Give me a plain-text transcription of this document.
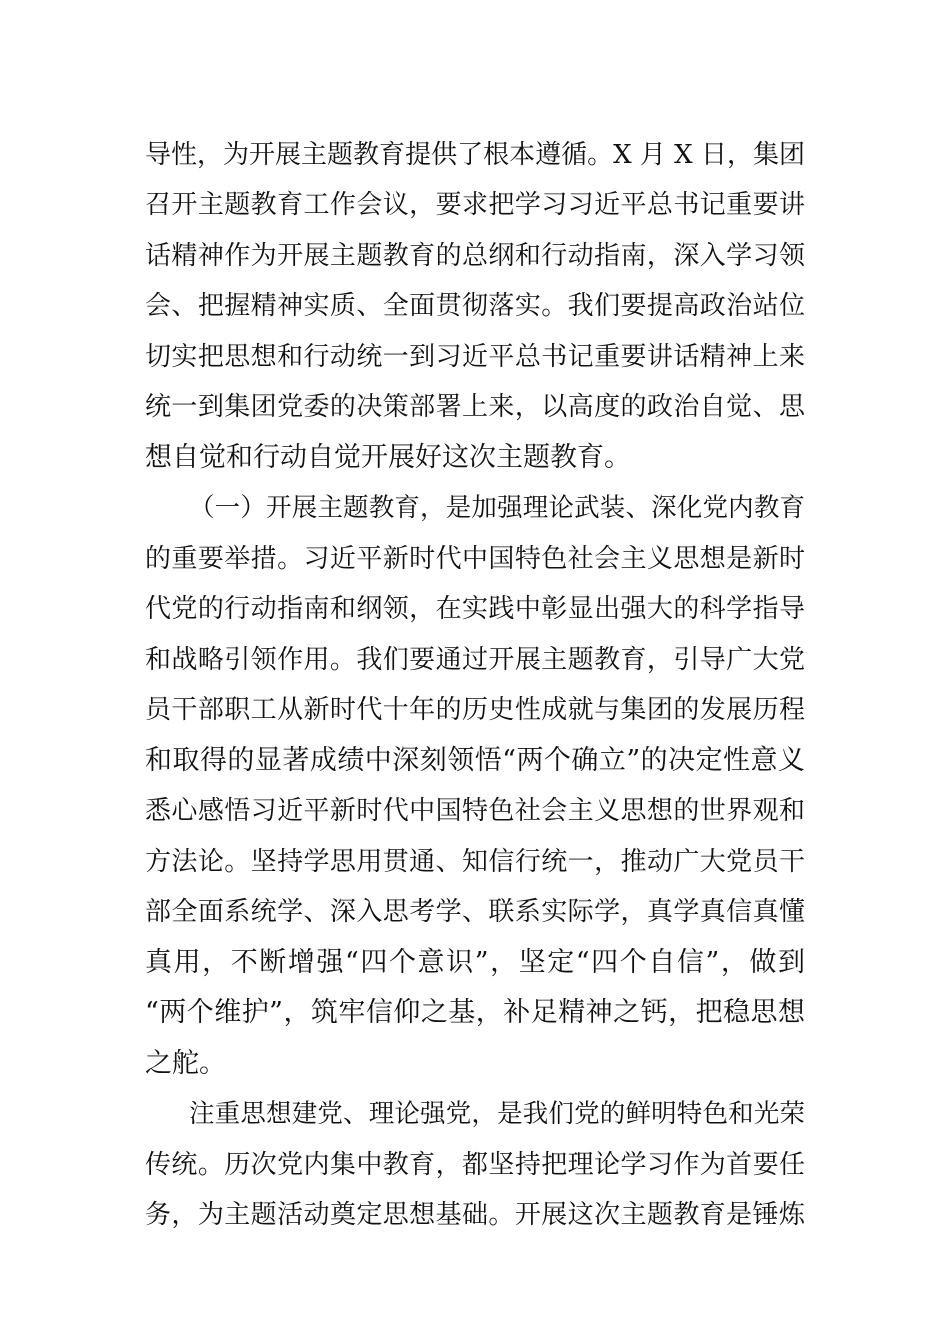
导性，为开展主题教育提供了根本遵循。X 月 X 日，集团
召开主题教育工作会议，要求把学习习近平总书记重要讲
话精神作为开展主题教育的总纲和行动指南，深入学习领
会、把握精神实质、全面贯彻落实。我们要提高政治站位
切实把思想和行动统一到习近平总书记重要讲话精神上来
统一到集团党委的决策部署上来，以高度的政治自觉、思
想自觉和行动自觉开展好这次主题教育。
（一）开展主题教育，是加强理论武装、深化党内教育
的重要举措。习近平新时代中国特色社会主义思想是新时
代党的行动指南和纲领，在实践中彰显出强大的科学指导
和战略引领作用。我们要通过开展主题教育，引导广大党
员干部职工从新时代十年的历史性成就与集团的发展历程
和取得的显著成绩中深刻领悟“两个确立”的决定性意义
悉心感悟习近平新时代中国特色社会主义思想的世界观和
方法论。坚持学思用贯通、知信行统一，推动广大党员干
部全面系统学、深入思考学、联系实际学，真学真信真懂
真用，不断增强“四个意识”，坚定“四个自信”，做到
“两个维护”，筑牢信仰之基，补足精神之钙，把稳思想
之舵。
注重思想建党、理论强党，是我们党的鲜明特色和光荣
传统。历次党内集中教育，都坚持把理论学习作为首要任
务，为主题活动奠定思想基础。开展这次主题教育是锤炼
